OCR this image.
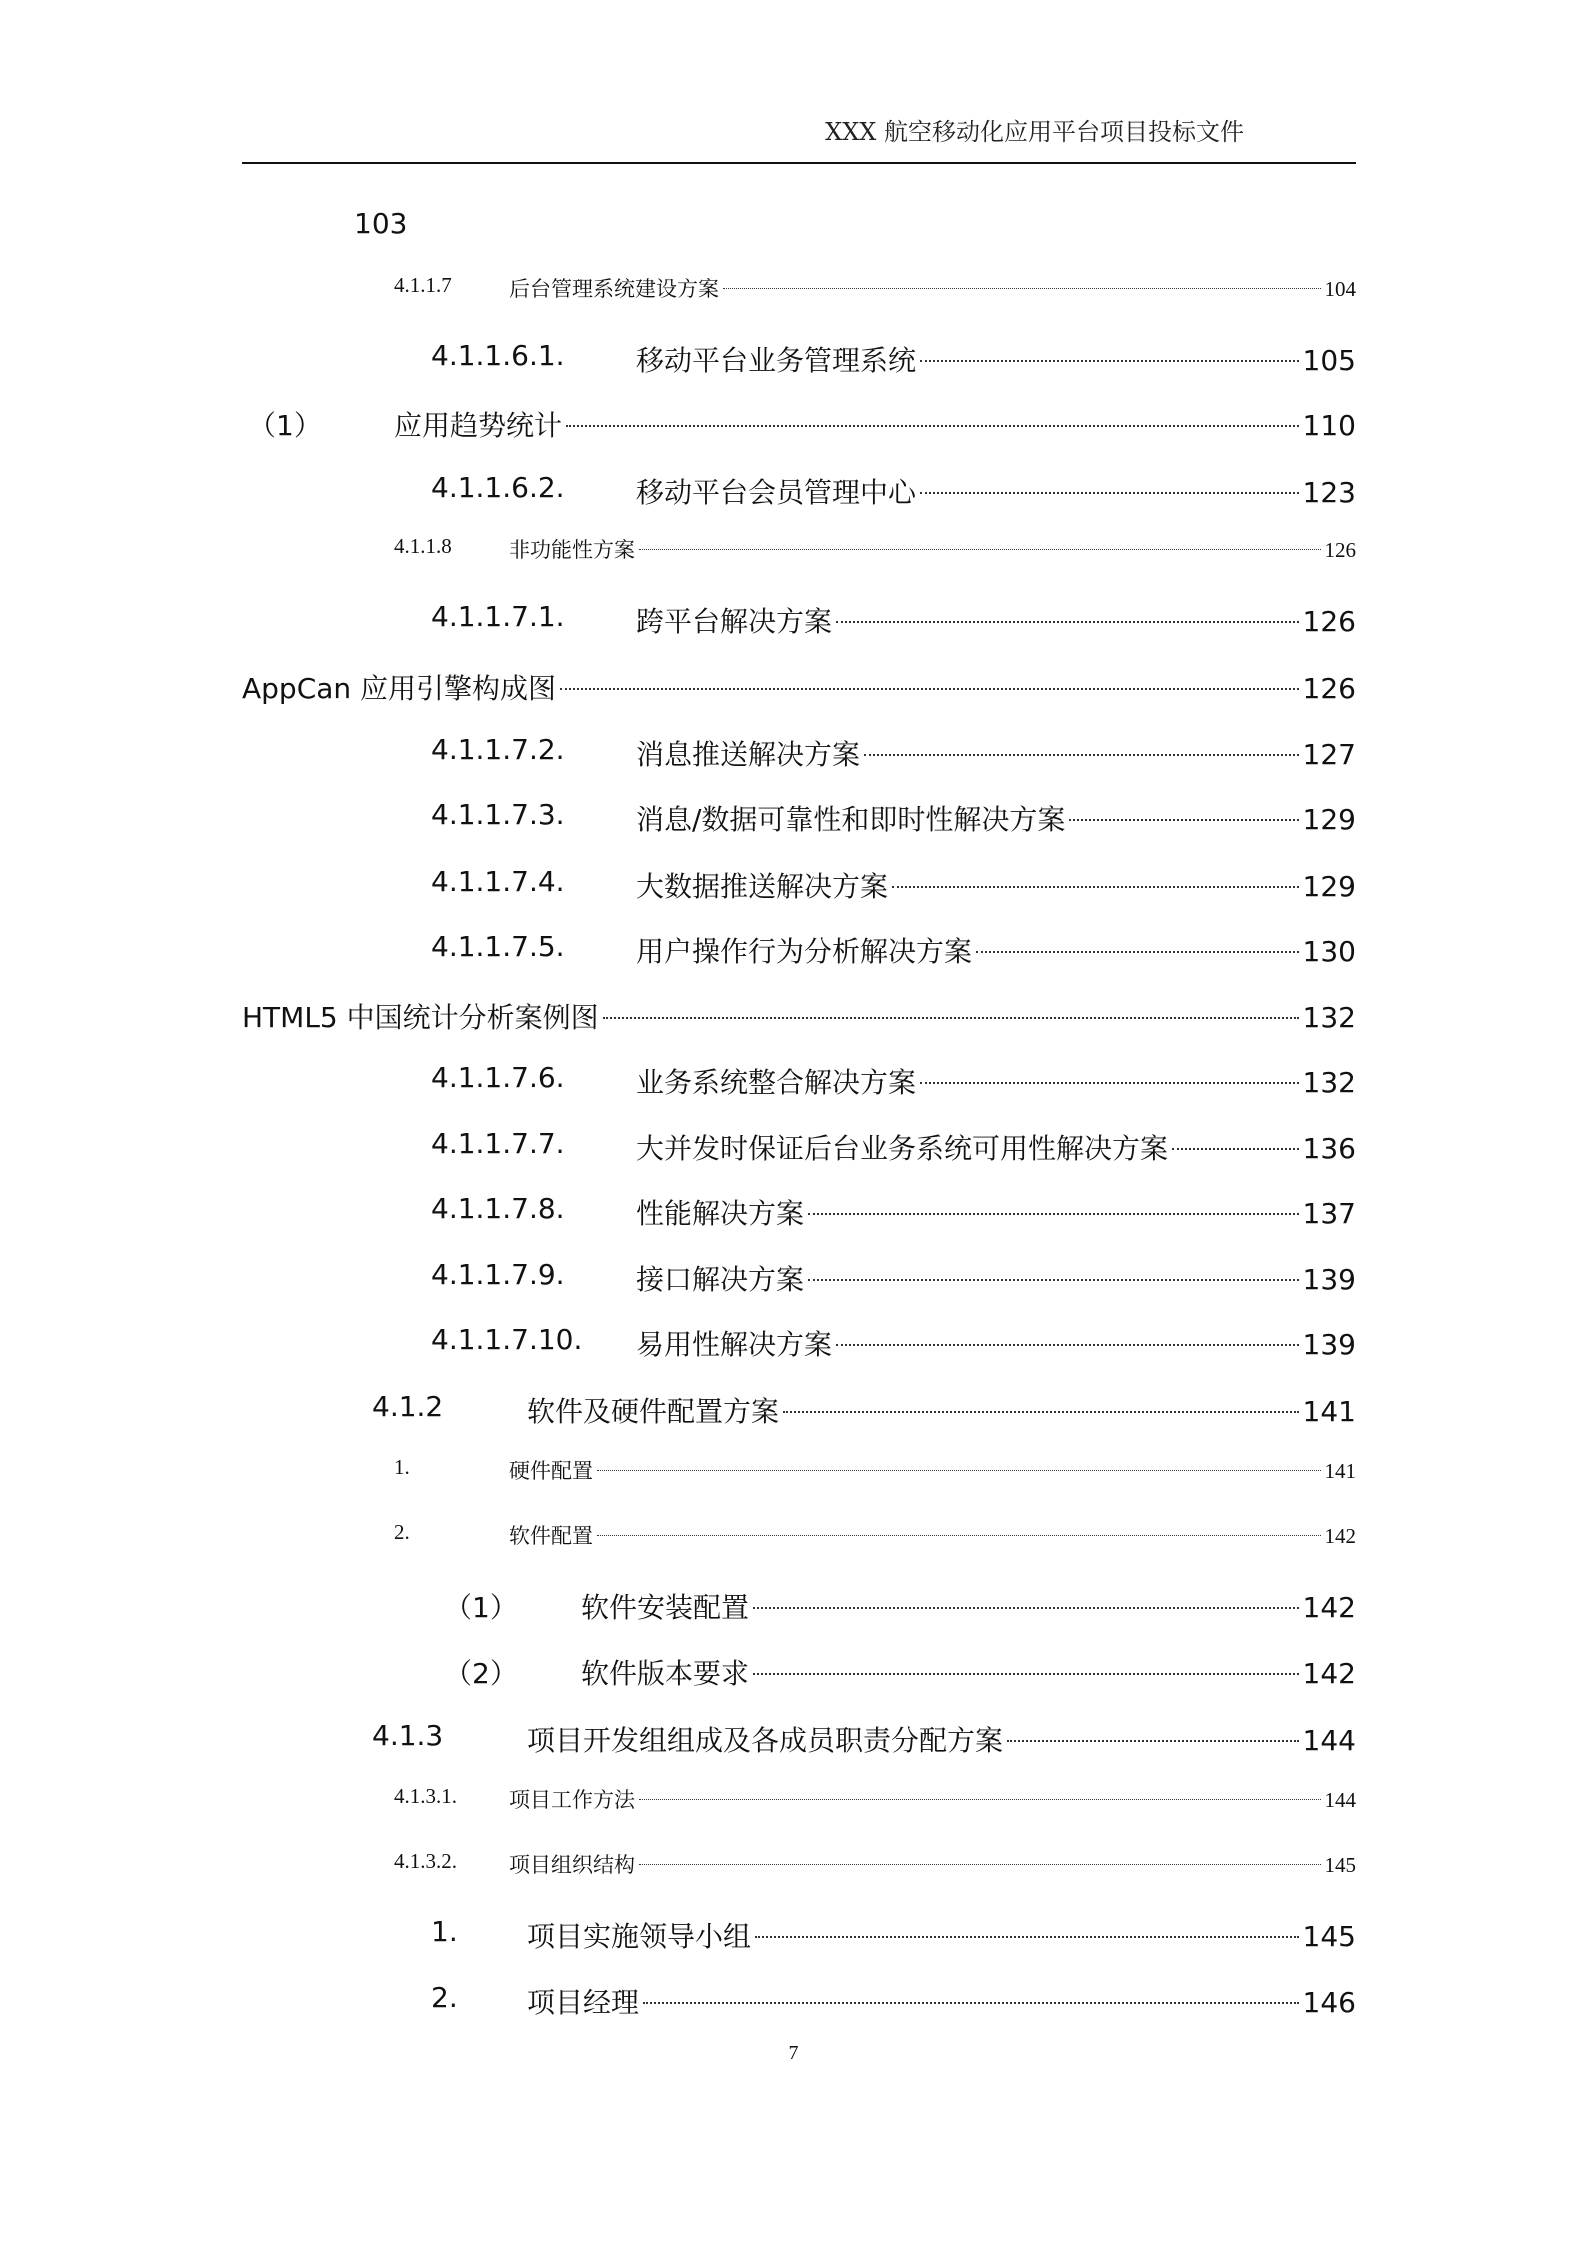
XXX 航空移动化应用平台项目投标文件
103
4.1.1.7	后台管理系统建设方案	104
4.1.1.6.1.	移动平台业务管理系统	105
（1）	应用趋势统计	110
4.1.1.6.2.	移动平台会员管理中心	123
4.1.1.8	非功能性方案	126
4.1.1.7.1.	跨平台解决方案	126
AppCan 应用引擎构成图	126
4.1.1.7.2.	消息推送解决方案	127
4.1.1.7.3.	消息/数据可靠性和即时性解决方案	129
4.1.1.7.4.	大数据推送解决方案	129
4.1.1.7.5.	用户操作行为分析解决方案	130
HTML5 中国统计分析案例图	132
4.1.1.7.6.	业务系统整合解决方案	132
4.1.1.7.7.	大并发时保证后台业务系统可用性解决方案	136
4.1.1.7.8.	性能解决方案	137
4.1.1.7.9.	接口解决方案	139
4.1.1.7.10. 易用性解决方案	139
4.1.2	软件及硬件配置方案	141
1.	硬件配置	141
2.	软件配置	142
（1） 软件安装配置	142
（2） 软件版本要求	142
4.1.3	项目开发组组成及各成员职责分配方案	144
4.1.3.1. 项目工作方法	144
4.1.3.2. 项目组织结构	145
1. 项目实施领导小组	145
2. 项目经理	146
7
